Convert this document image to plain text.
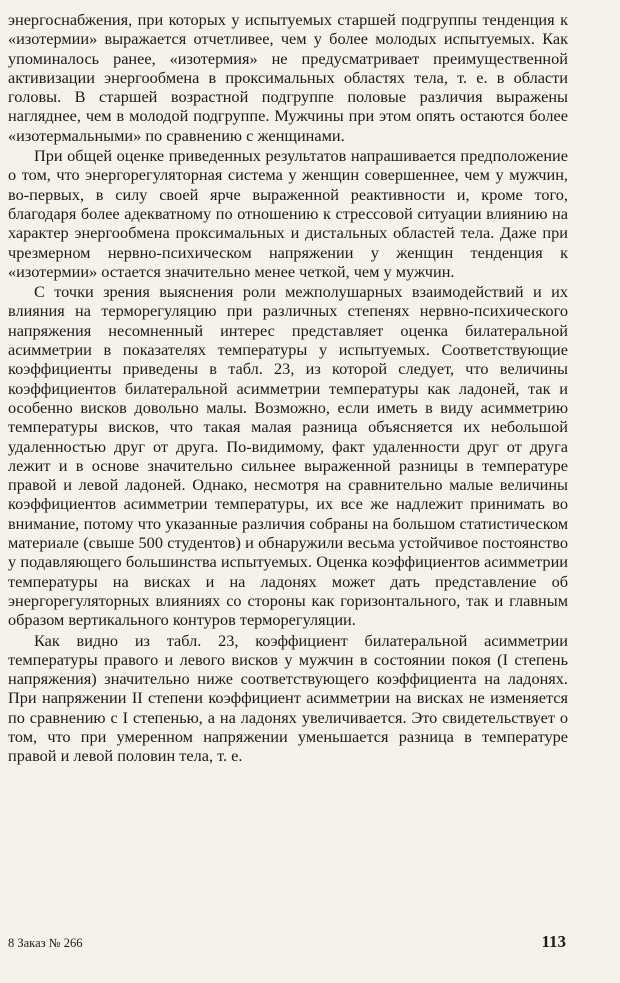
энергоснабжения, при которых у испытуемых старшей подгруппы тенденция к «изотермии» выражается отчетливее, чем у более молодых испытуемых. Как упоминалось ранее, «изотермия» не предусматривает преимущественной активизации энергообмена в проксимальных областях тела, т. е. в области головы. В старшей возрастной подгруппе половые различия выражены нагляднее, чем в молодой подгруппе. Мужчины при этом опять остаются более «изотермальными» по сравнению с женщинами.

При общей оценке приведенных результатов напрашивается предположение о том, что энергорегуляторная система у женщин совершеннее, чем у мужчин, во-первых, в силу своей ярче выраженной реактивности и, кроме того, благодаря более адекватному по отношению к стрессовой ситуации влиянию на характер энергообмена проксимальных и дистальных областей тела. Даже при чрезмерном нервно-психическом напряжении у женщин тенденция к «изотермии» остается значительно менее четкой, чем у мужчин.

С точки зрения выяснения роли межполушарных взаимодействий и их влияния на терморегуляцию при различных степенях нервно-психического напряжения несомненный интерес представляет оценка билатеральной асимметрии в показателях температуры у испытуемых. Соответствующие коэффициенты приведены в табл. 23, из которой следует, что величины коэффициентов билатеральной асимметрии температуры как ладоней, так и особенно висков довольно малы. Возможно, если иметь в виду асимметрию температуры висков, что такая малая разница объясняется их небольшой удаленностью друг от друга. По-видимому, факт удаленности друг от друга лежит и в основе значительно сильнее выраженной разницы в температуре правой и левой ладоней. Однако, несмотря на сравнительно малые величины коэффициентов асимметрии температуры, их все же надлежит принимать во внимание, потому что указанные различия собраны на большом статистическом материале (свыше 500 студентов) и обнаружили весьма устойчивое постоянство у подавляющего большинства испытуемых. Оценка коэффициентов асимметрии температуры на висках и на ладонях может дать представление об энергорегуляторных влияниях со стороны как горизонтального, так и главным образом вертикального контуров терморегуляции.

Как видно из табл. 23, коэффициент билатеральной асимметрии температуры правого и левого висков у мужчин в состоянии покоя (I степень напряжения) значительно ниже соответствующего коэффициента на ладонях. При напряжении II степени коэффициент асимметрии на висках не изменяется по сравнению с I степенью, а на ладонях увеличивается. Это свидетельствует о том, что при умеренном напряжении уменьшается разница в температуре правой и левой половин тела, т. е.

8 Заказ № 266	113
